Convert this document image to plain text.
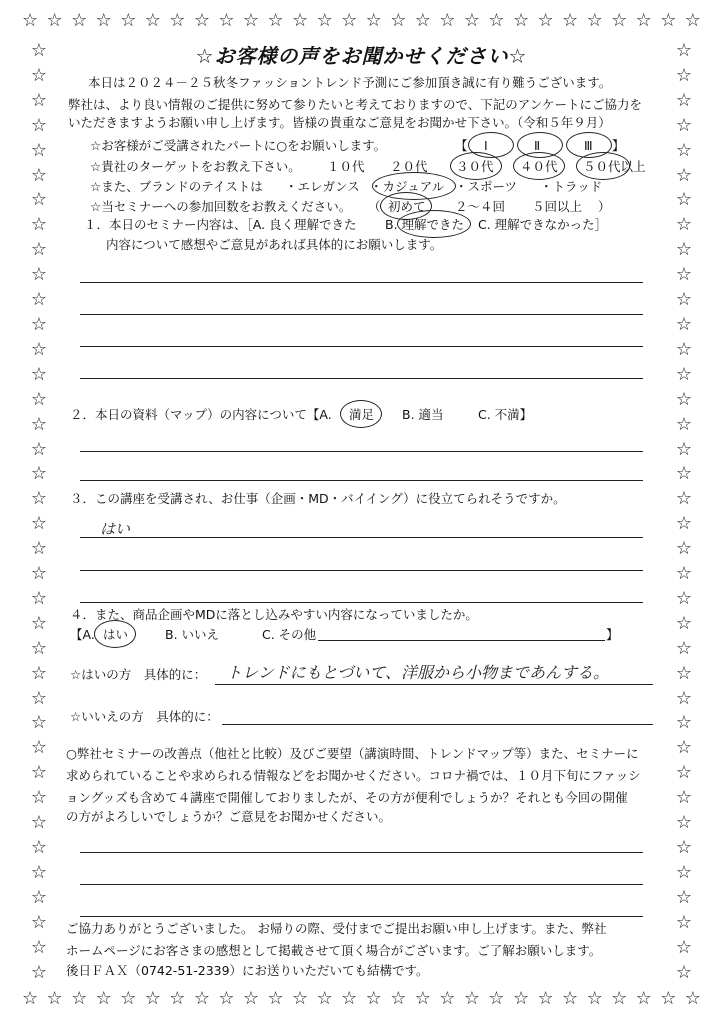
☆ ☆ ☆ ☆ ☆ ☆ ☆ ☆ ☆ ☆ ☆ ☆ ☆ ☆ ☆ ☆ ☆ ☆ ☆ ☆ ☆ ☆ ☆ ☆ ☆ ☆ ☆ ☆
☆ ☆ ☆ ☆ ☆ ☆ ☆ ☆ ☆ ☆ ☆ ☆ ☆ ☆ ☆ ☆ ☆ ☆ ☆ ☆ ☆ ☆ ☆ ☆ ☆ ☆ ☆ ☆
☆
☆
☆
☆
☆
☆
☆
☆
☆
☆
☆
☆
☆
☆
☆
☆
☆
☆
☆
☆
☆
☆
☆
☆
☆
☆
☆
☆
☆
☆
☆
☆
☆
☆
☆
☆
☆
☆
☆
☆
☆
☆
☆
☆
☆
☆
☆
☆
☆
☆
☆
☆
☆
☆
☆
☆
☆
☆
☆
☆
☆
☆
☆
☆
☆
☆
☆
☆
☆
☆
☆
☆
☆
☆
☆
☆
☆お客様の声をお聞かせください☆
本日は２０２４－２５秋冬ファッショントレンド予測にご参加頂き誠に有り難うございます。
弊社は、より良い情報のご提供に努めて参りたいと考えておりますので、下記のアンケートにご協力を
いただきますようお願い申し上げます。皆様の貴重なご意見をお聞かせ下さい。（令和５年９月）
☆お客様がご受講されたパートに○をお願いします。	【 Ⅰ	Ⅱ	Ⅲ 】
☆貴社のターゲットをお教え下さい。 １０代 ２０代 ３０代 ４０代 ５０代以上
☆また、ブランドのテイストは ・エレガンス ・カジュアル ・スポーツ ・トラッド
☆当セミナーへの参加回数をお教えください。 （ 初めて ２～４回 ５回以上 ）
１．本日のセミナー内容は、［A. 良く理解できた B. 理解できた C. 理解できなかった］
内容について感想やご意見があれば具体的にお願いします。
２．本日の資料（マップ）の内容について【A. 満足 B. 適当	C. 不満】
３．この講座を受講され、お仕事（企画・MD・バイイング）に役立てられそうですか。
はい
４．また、商品企画やMDに落とし込みやすい内容になっていましたか。
【A. はい	B. いいえ	C. その他	】
☆はいの方　具体的に： トレンドにもとづいて、洋服から小物まであんする。
☆いいえの方　具体的に：
○弊社セミナーの改善点（他社と比較）及びご要望（講演時間、トレンドマップ等）また、セミナーに
求められていることや求められる情報などをお聞かせください。コロナ禍では、１０月下旬にファッシ
ョングッズも含めて４講座で開催しておりましたが、その方が便利でしょうか？それとも今回の開催
の方がよろしいでしょうか？ご意見をお聞かせください。
ご協力ありがとうございました。 お帰りの際、受付までご提出お願い申し上げます。また、弊社
ホームページにお客さまの感想として掲載させて頂く場合がございます。ご了解お願いします。
後日ＦＡＸ（0742-51-2339）にお送りいただいても結構です。
